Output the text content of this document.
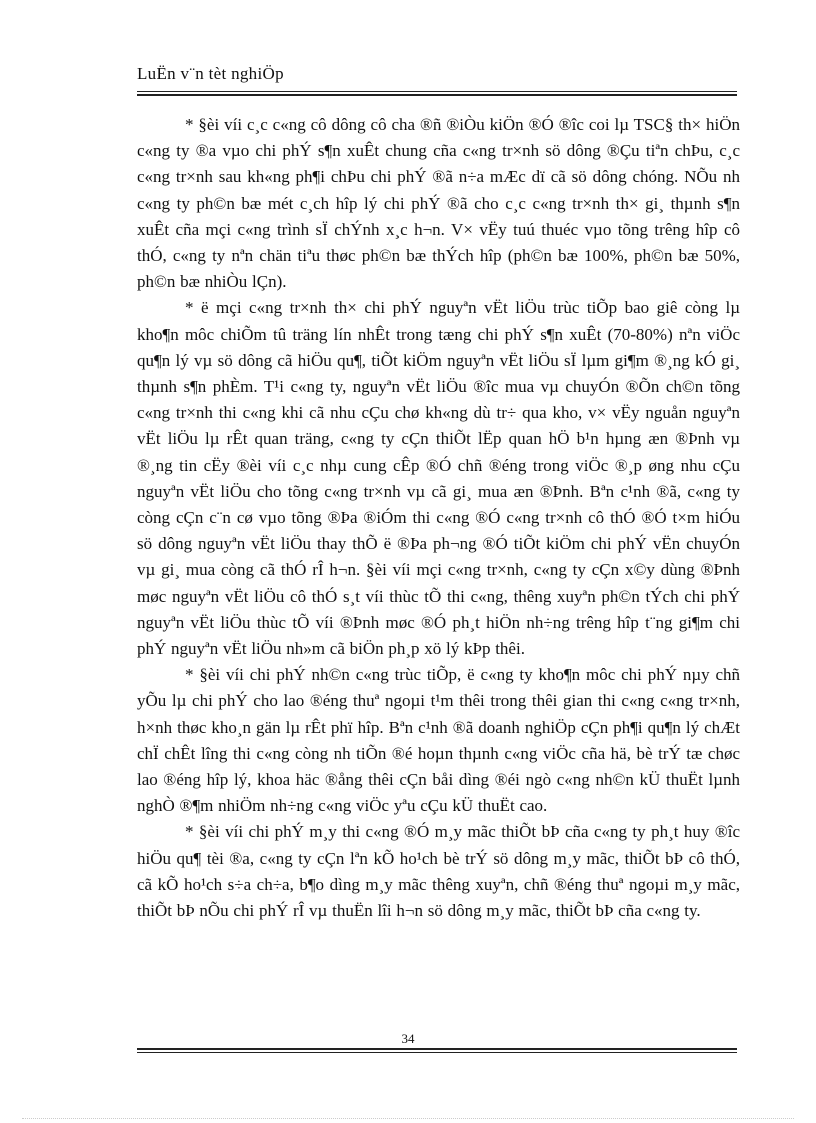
LuËn v¨n tèt nghiÖp

* §èi víi c¸c c«ng cô dông cô cha ®ñ ®iÒu kiÖn ®Ó ®îc coi lµ TSC§ th× hiÖn c«ng ty ®a vµo chi phÝ s¶n xuÊt chung cña c«ng tr×nh sö dông ®Çu tiªn chÞu, c¸c c«ng tr×nh sau kh«ng ph¶i chÞu chi phÝ ®ã n÷a mÆc dï cã sö dông chóng. NÕu nh c«ng ty ph©n bæ mét c¸ch hîp lý chi phÝ ®ã cho c¸c c«ng tr×nh th× gi¸ thµnh s¶n xuÊt cña mçi c«ng trình sÏ chÝnh x¸c h¬n. V× vËy tuú thuéc vµo tõng trêng hîp cô thÓ, c«ng ty nªn chän tiªu thøc ph©n bæ thÝch hîp (ph©n bæ 100%, ph©n bæ 50%, ph©n bæ nhiÒu lÇn).

* ë mçi c«ng tr×nh th× chi phÝ nguyªn vËt liÖu trùc tiÕp bao giê còng lµ kho¶n môc chiÕm tû träng lín nhÊt trong tæng chi phÝ s¶n xuÊt (70-80%) nªn viÖc qu¶n lý vµ sö dông cã hiÖu qu¶, tiÕt kiÖm nguyªn vËt liÖu sÏ lµm gi¶m ®¸ng kÓ gi¸ thµnh s¶n phÈm. T¹i c«ng ty, nguyªn vËt liÖu ®îc mua vµ chuyÓn ®Õn ch©n tõng c«ng tr×nh thi c«ng khi cã nhu cÇu chø kh«ng dù tr÷ qua kho, v× vËy nguån nguyªn vËt liÖu lµ rÊt quan träng, c«ng ty cÇn thiÕt lËp quan hÖ b¹n hµng æn ®Þnh vµ ®¸ng tin cËy ®èi víi c¸c nhµ cung cÊp ®Ó chñ ®éng trong viÖc ®¸p øng nhu cÇu nguyªn vËt liÖu cho tõng c«ng tr×nh vµ cã gi¸ mua æn ®Þnh. Bªn c¹nh ®ã, c«ng ty còng cÇn c¨n cø vµo tõng ®Þa ®iÓm thi c«ng ®Ó c«ng tr×nh cô thÓ ®Ó t×m hiÓu sö dông nguyªn vËt liÖu thay thÕ ë ®Þa ph¬ng ®Ó tiÕt kiÖm chi phÝ vËn chuyÓn vµ gi¸ mua còng cã thÓ rÎ h¬n. §èi víi mçi c«ng tr×nh, c«ng ty cÇn x©y dùng ®Þnh møc nguyªn vËt liÖu cô thÓ s¸t víi thùc tÕ thi c«ng, thêng xuyªn ph©n tÝch chi phÝ nguyªn vËt liÖu thùc tÕ víi ®Þnh møc ®Ó ph¸t hiÖn nh÷ng trêng hîp t¨ng gi¶m chi phÝ nguyªn vËt liÖu nh»m cã biÖn ph¸p xö lý kÞp thêi.

* §èi víi chi phÝ nh©n c«ng trùc tiÕp, ë c«ng ty kho¶n môc chi phÝ nµy chñ yÕu lµ chi phÝ cho lao ®éng thuª ngoµi t¹m thêi trong thêi gian thi c«ng c«ng tr×nh, h×nh thøc kho¸n gän lµ rÊt phï hîp. Bªn c¹nh ®ã doanh nghiÖp cÇn ph¶i qu¶n lý chÆt chÏ chÊt lîng thi c«ng còng nh tiÕn ®é hoµn thµnh c«ng viÖc cña hä, bè trÝ tæ chøc lao ®éng hîp lý, khoa häc ®ång thêi cÇn båi dìng ®éi ngò c«ng nh©n kÜ thuËt lµnh nghÒ ®¶m nhiÖm nh÷ng c«ng viÖc yªu cÇu kÜ thuËt cao.

* §èi víi chi phÝ m¸y thi c«ng ®Ó m¸y mãc thiÕt bÞ cña c«ng ty ph¸t huy ®îc hiÖu qu¶ tèi ®a, c«ng ty cÇn lªn kÕ ho¹ch bè trÝ sö dông m¸y mãc, thiÕt bÞ cô thÓ, cã kÕ ho¹ch s÷a ch÷a, b¶o dìng m¸y mãc thêng xuyªn, chñ ®éng thuª ngoµi m¸y mãc, thiÕt bÞ nÕu chi phÝ rÎ vµ thuËn lîi h¬n sö dông m¸y mãc, thiÕt bÞ cña c«ng ty.

34
